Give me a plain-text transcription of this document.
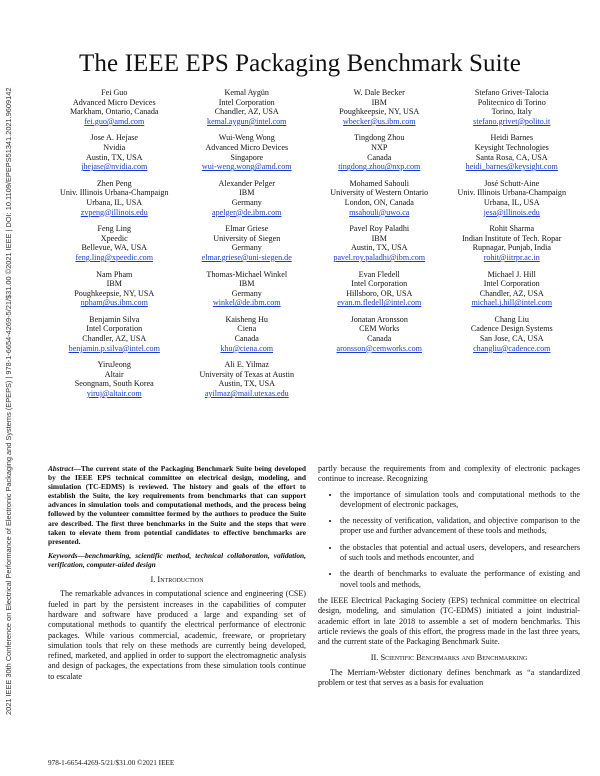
2021 IEEE 30th Conference on Electrical Performance of Electronic Packaging and Systems (EPEPS) | 978-1-6654-4269-5/21/$31.00 ©2021 IEEE | DOI: 10.1109/EPEPS51341.2021.9609142
The IEEE EPS Packaging Benchmark Suite
Fei Guo
Advanced Micro Devices
Markham, Ontario, Canada
fei.guo@amd.com
Kemal Aygün
Intel Corporation
Chandler, AZ, USA
kemal.aygun@intel.com
W. Dale Becker
IBM
Poughkeepsie, NY, USA
wbecker@us.ibm.com
Stefano Grivet-Talocia
Politecnico di Torino
Torino, Italy
stefano.grivet@polito.it
Jose A. Hejase
Nvidia
Austin, TX, USA
jhejase@nvidia.com
Wui-Weng Wong
Advanced Micro Devices
Singapore
wui-weng.wong@amd.com
Tingdong Zhou
NXP
Canada
tingdong.zhou@nxp.com
Heidi Barnes
Keysight Technologies
Santa Rosa, CA, USA
heidi_barnes@keysight.com
Zhen Peng
Univ. Illinois Urbana-Champaign
Urbana, IL, USA
zvpeng@illinois.edu
Alexander Pelger
IBM
Germany
apelger@de.ibm.com
Mohamed Sahouli
University of Western Ontario
London, ON, Canada
msahouli@uwo.ca
José Schutt-Aine
Univ. Illinois Urbana-Champaign
Urbana, IL, USA
jesa@illinois.edu
Feng Ling
Xpeedic
Bellevue, WA, USA
feng.ling@xpeedic.com
Elmar Griese
University of Siegen
Germany
elmar.griese@uni-siegen.de
Pavel Roy Paladhi
IBM
Austin, TX, USA
pavel.roy.paladhi@ibm.com
Rohit Sharma
Indian Institute of Tech. Ropar
Rupnagar, Punjab, India
rohit@iitrpr.ac.in
Nam Pham
IBM
Poughkeepsie, NY, USA
npham@us.ibm.com
Thomas-Michael Winkel
IBM
Germany
winkel@de.ibm.com
Evan Fledell
Intel Corporation
Hillsboro, OR, USA
evan.m.fledell@intel.com
Michael J. Hill
Intel Corporation
Chandler, AZ, USA
michael.j.hill@intel.com
Benjamin Silva
Intel Corporation
Chandler, AZ, USA
benjamin.p.silva@intel.com
Kaisheng Hu
Ciena
Canada
khu@ciena.com
Jonatan Aronsson
CEM Works
Canada
aronsson@cemworks.com
Chang Liu
Cadence Design Systems
San Jose, CA, USA
changliu@cadence.com
YiruJeong
Altair
Seongnam, South Korea
yiruj@altair.com
Ali E. Yilmaz
University of Texas at Austin
Austin, TX, USA
ayilmaz@mail.utexas.edu
Abstract—The current state of the Packaging Benchmark Suite being developed by the IEEE EPS technical committee on electrical design, modeling, and simulation (TC-EDMS) is reviewed. The history and goals of the effort to establish the Suite, the key requirements from benchmarks that can support advances in simulation tools and computational methods, and the process being followed by the volunteer committee formed by the authors to produce the Suite are described. The first three benchmarks in the Suite and the steps that were taken to elevate them from potential candidates to effective benchmarks are presented.
Keywords—benchmarking, scientific method, technical collaboration, validation, verification, computer-aided design
I. Introduction

The remarkable advances in computational science and engineering (CSE) fueled in part by the persistent increases in the capabilities of computer hardware and software have produced a large and expanding set of computational methods to quantify the electrical performance of electronic packages. While various commercial, academic, freeware, or proprietary simulation tools that rely on these methods are currently being developed, refined, marketed, and applied in order to support the electromagnetic analysis and design of packages, the expectations from these simulation tools continue to escalate

partly because the requirements from and complexity of electronic packages continue to increase. Recognizing

• the importance of simulation tools and computational methods to the development of electronic packages,
• the necessity of verification, validation, and objective comparison to the proper use and further advancement of these tools and methods,
• the obstacles that potential and actual users, developers, and researchers of such tools and methods encounter, and
• the dearth of benchmarks to evaluate the performance of existing and novel tools and methods,

the IEEE Electrical Packaging Society (EPS) technical committee on electrical design, modeling, and simulation (TC-EDMS) initiated a joint industrial-academic effort in late 2018 to assemble a set of modern benchmarks. This article reviews the goals of this effort, the progress made in the last three years, and the current state of the Packaging Benchmark Suite.

II. Scientific Benchmarks and Benchmarking

The Merriam-Webster dictionary defines benchmark as “a standardized problem or test that serves as a basis for evaluation

978-1-6654-4269-5/21/$31.00 ©2021 IEEE
